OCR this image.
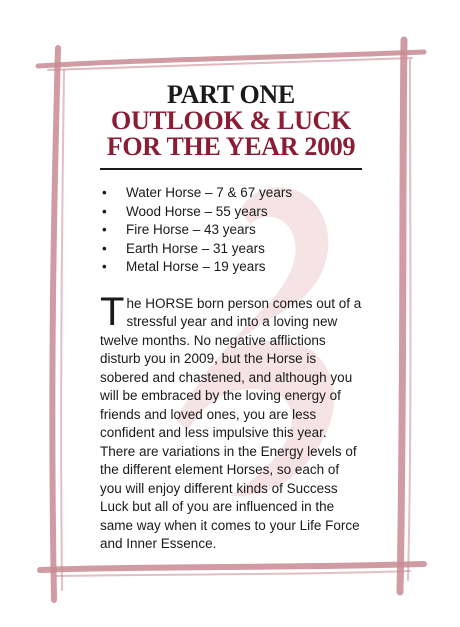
PART ONE
OUTLOOK & LUCK
FOR THE YEAR 2009
• Water Horse – 7 & 67 years
• Wood Horse – 55 years
• Fire Horse – 43 years
• Earth Horse – 31 years
• Metal Horse – 19 years
The HORSE born person comes out of a stressful year and into a loving new twelve months. No negative afflictions disturb you in 2009, but the Horse is sobered and chastened, and although you will be embraced by the loving energy of friends and loved ones, you are less confident and less impulsive this year. There are variations in the Energy levels of the different element Horses, so each of you will enjoy different kinds of Success Luck but all of you are influenced in the same way when it comes to your Life Force and Inner Essence.
